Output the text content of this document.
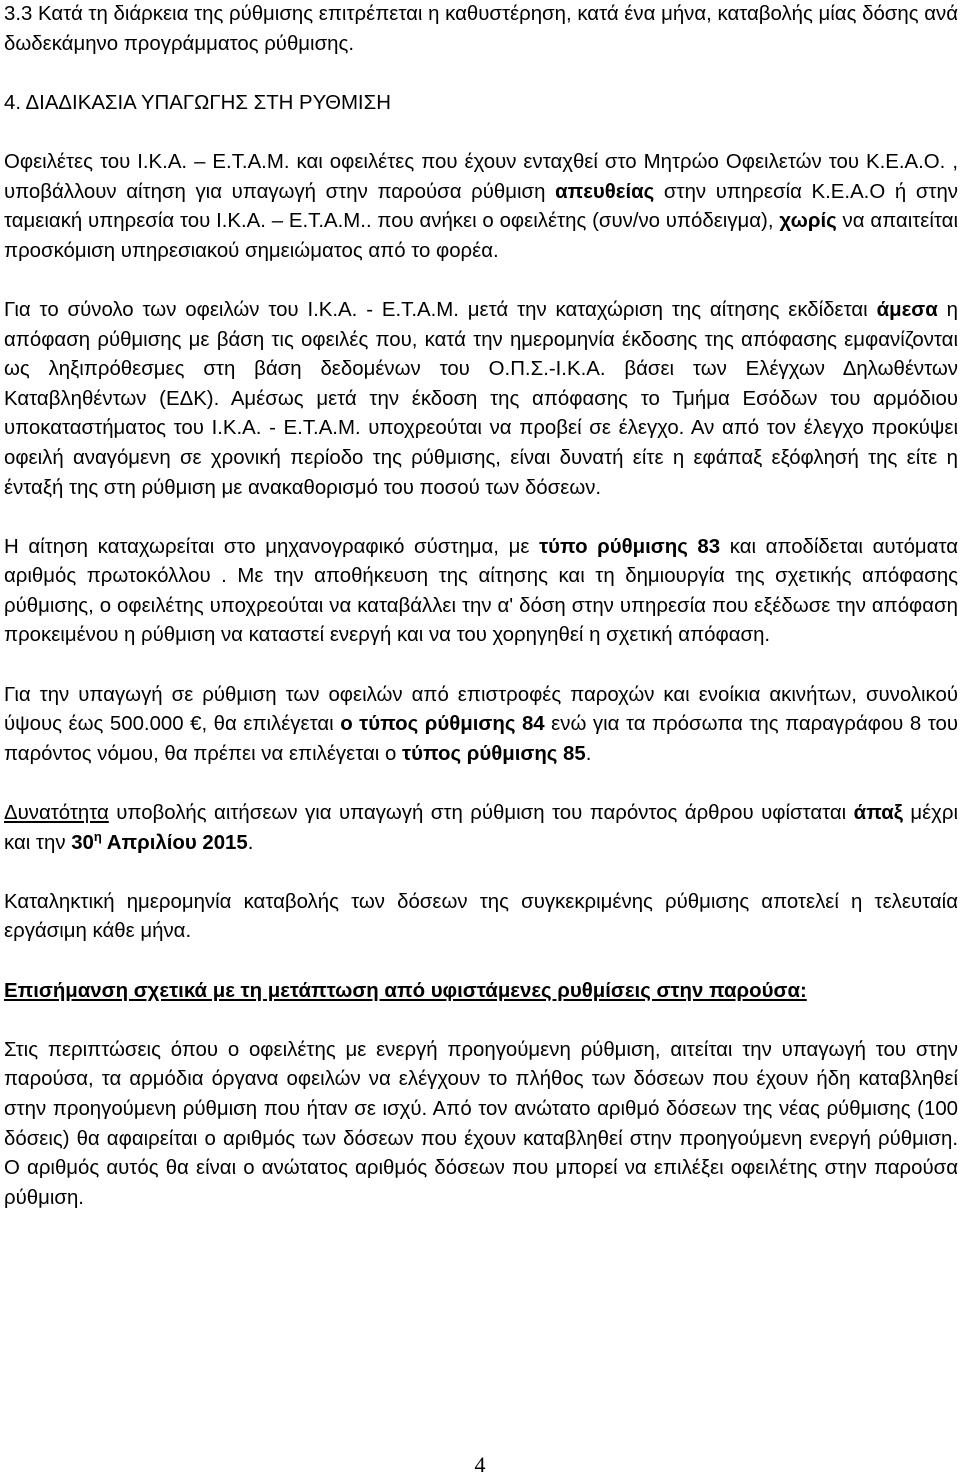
3.3 Κατά τη διάρκεια της ρύθμισης επιτρέπεται η καθυστέρηση, κατά ένα μήνα, καταβολής μίας δόσης ανά δωδεκάμηνο προγράμματος ρύθμισης.

4. ΔΙΑΔΙΚΑΣΙΑ ΥΠΑΓΩΓΗΣ ΣΤΗ ΡΥΘΜΙΣΗ

Οφειλέτες του Ι.Κ.Α. – Ε.Τ.Α.Μ. και οφειλέτες που έχουν ενταχθεί στο Μητρώο Οφειλετών του Κ.Ε.Α.Ο. , υποβάλλουν αίτηση για υπαγωγή στην παρούσα ρύθμιση απευθείας στην υπηρεσία Κ.Ε.Α.Ο ή στην ταμειακή υπηρεσία του Ι.Κ.Α. – Ε.Τ.Α.Μ.. που ανήκει ο οφειλέτης (συν/νο υπόδειγμα), χωρίς να απαιτείται προσκόμιση υπηρεσιακού σημειώματος από το φορέα.

Για το σύνολο των οφειλών του Ι.Κ.Α. - Ε.Τ.Α.Μ. μετά την καταχώριση της αίτησης εκδίδεται άμεσα η απόφαση ρύθμισης με βάση τις οφειλές που, κατά την ημερομηνία έκδοσης της απόφασης εμφανίζονται ως ληξιπρόθεσμες στη βάση δεδομένων του Ο.Π.Σ.-Ι.Κ.Α. βάσει των Ελέγχων Δηλωθέντων Καταβληθέντων (ΕΔΚ). Αμέσως μετά την έκδοση της απόφασης το Τμήμα Εσόδων του αρμόδιου υποκαταστήματος του Ι.Κ.Α. - Ε.Τ.Α.Μ. υποχρεούται να προβεί σε έλεγχο. Αν από τον έλεγχο προκύψει οφειλή αναγόμενη σε χρονική περίοδο της ρύθμισης, είναι δυνατή είτε η εφάπαξ εξόφλησή της είτε η ένταξή της στη ρύθμιση με ανακαθορισμό του ποσού των δόσεων.

Η αίτηση καταχωρείται στο μηχανογραφικό σύστημα, με τύπο ρύθμισης 83 και αποδίδεται αυτόματα αριθμός πρωτοκόλλου . Με την αποθήκευση της αίτησης και τη δημιουργία της σχετικής απόφασης ρύθμισης, ο οφειλέτης υποχρεούται να καταβάλλει την α' δόση στην υπηρεσία που εξέδωσε την απόφαση προκειμένου η ρύθμιση να καταστεί ενεργή και να του χορηγηθεί η σχετική απόφαση.

Για την υπαγωγή σε ρύθμιση των οφειλών από επιστροφές παροχών και ενοίκια ακινήτων, συνολικού ύψους έως 500.000 €, θα επιλέγεται ο τύπος ρύθμισης 84 ενώ για τα πρόσωπα της παραγράφου 8 του παρόντος νόμου, θα πρέπει να επιλέγεται ο τύπος ρύθμισης 85.

Δυνατότητα υποβολής αιτήσεων για υπαγωγή στη ρύθμιση του παρόντος άρθρου υφίσταται άπαξ μέχρι και την $30^\eta$ Απριλίου 2015.

Καταληκτική ημερομηνία καταβολής των δόσεων της συγκεκριμένης ρύθμισης αποτελεί η τελευταία εργάσιμη κάθε μήνα.

Επισήμανση σχετικά με τη μετάπτωση από υφιστάμενες ρυθμίσεις στην παρούσα:

Στις περιπτώσεις όπου ο οφειλέτης με ενεργή προηγούμενη ρύθμιση, αιτείται την υπαγωγή του στην παρούσα, τα αρμόδια όργανα οφειλών να ελέγχουν το πλήθος των δόσεων που έχουν ήδη καταβληθεί στην προηγούμενη ρύθμιση που ήταν σε ισχύ. Από τον ανώτατο αριθμό δόσεων της νέας ρύθμισης (100 δόσεις) θα αφαιρείται ο αριθμός των δόσεων που έχουν καταβληθεί στην προηγούμενη ενεργή ρύθμιση. Ο αριθμός αυτός θα είναι ο ανώτατος αριθμός δόσεων που μπορεί να επιλέξει οφειλέτης στην παρούσα ρύθμιση.

4
